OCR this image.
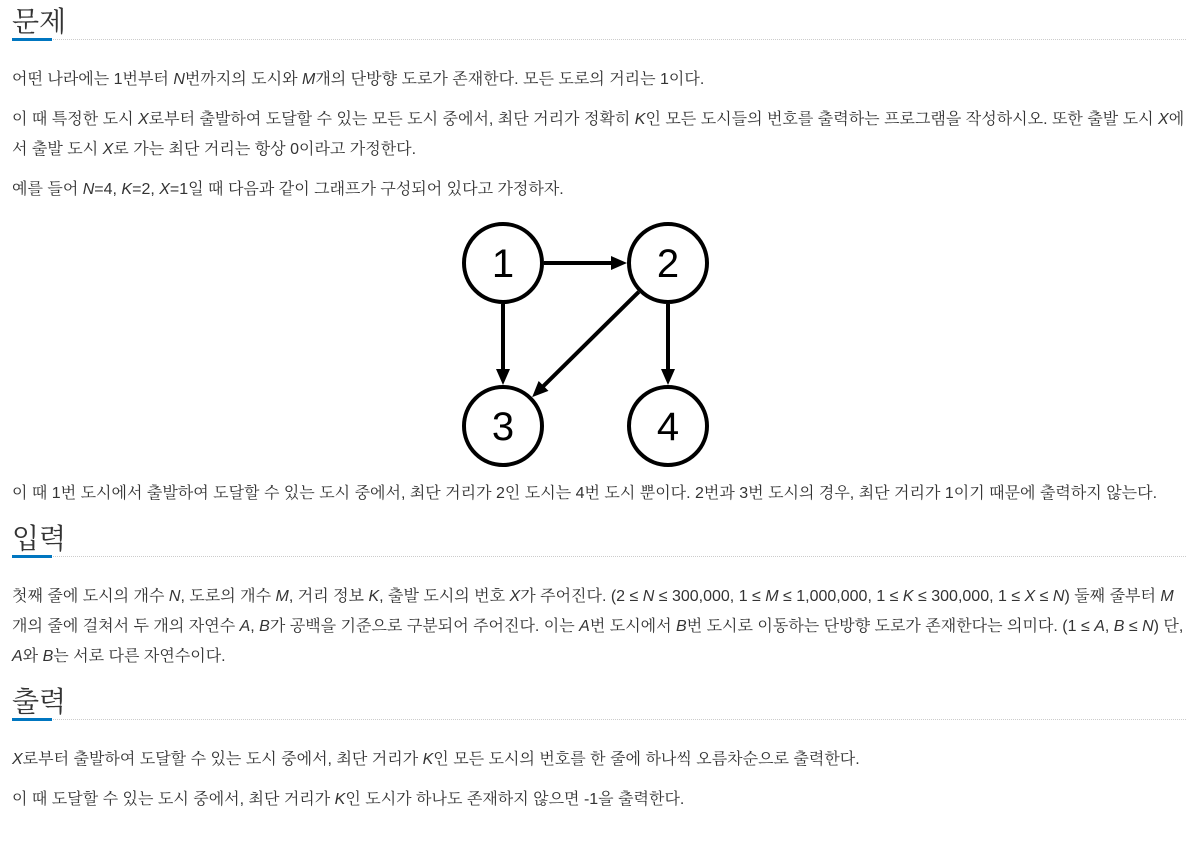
문제

어떤 나라에는 1번부터 N번까지의 도시와 M개의 단방향 도로가 존재한다. 모든 도로의 거리는 1이다.

이 때 특정한 도시 X로부터 출발하여 도달할 수 있는 모든 도시 중에서, 최단 거리가 정확히 K인 모든 도시들의 번호를 출력하는 프로그램을 작성하시오. 또한 출발 도시 X에서 출발 도시 X로 가는 최단 거리는 항상 0이라고 가정한다.

예를 들어 N=4, K=2, X=1일 때 다음과 같이 그래프가 구성되어 있다고 가정하자.

1	2
3	4

이 때 1번 도시에서 출발하여 도달할 수 있는 도시 중에서, 최단 거리가 2인 도시는 4번 도시 뿐이다. 2번과 3번 도시의 경우, 최단 거리가 1이기 때문에 출력하지 않는다.

입력

첫째 줄에 도시의 개수 N, 도로의 개수 M, 거리 정보 K, 출발 도시의 번호 X가 주어진다. (2 ≤ N ≤ 300,000, 1 ≤ M ≤ 1,000,000, 1 ≤ K ≤ 300,000, 1 ≤ X ≤ N) 둘째 줄부터 M개의 줄에 걸쳐서 두 개의 자연수 A, B가 공백을 기준으로 구분되어 주어진다. 이는 A번 도시에서 B번 도시로 이동하는 단방향 도로가 존재한다는 의미다. (1 ≤ A, B ≤ N) 단, A와 B는 서로 다른 자연수이다.

출력

X로부터 출발하여 도달할 수 있는 도시 중에서, 최단 거리가 K인 모든 도시의 번호를 한 줄에 하나씩 오름차순으로 출력한다.

이 때 도달할 수 있는 도시 중에서, 최단 거리가 K인 도시가 하나도 존재하지 않으면 -1을 출력한다.
